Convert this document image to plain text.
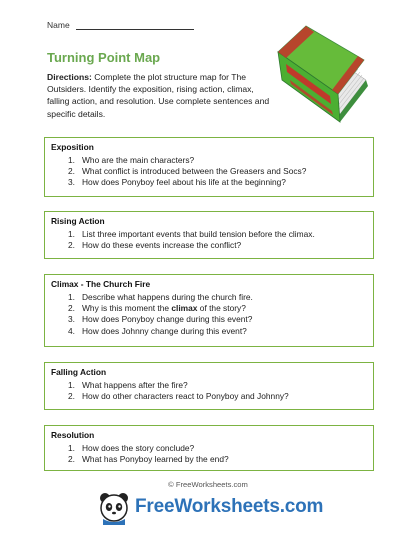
Name
Turning Point Map
Directions: Complete the plot structure map for The Outsiders. Identify the exposition, rising action, climax, falling action, and resolution. Use complete sentences and specific details.
Exposition
1. Who are the main characters?
2. What conflict is introduced between the Greasers and Socs?
3. How does Ponyboy feel about his life at the beginning?
Rising Action
1. List three important events that build tension before the climax.
2. How do these events increase the conflict?
Climax - The Church Fire
1. Describe what happens during the church fire.
2. Why is this moment the climax of the story?
3. How does Ponyboy change during this event?
4. How does Johnny change during this event?
Falling Action
1. What happens after the fire?
2. How do other characters react to Ponyboy and Johnny?
Resolution
1. How does the story conclude?
2. What has Ponyboy learned by the end?
© FreeWorksheets.com
FreeWorksheets.com
